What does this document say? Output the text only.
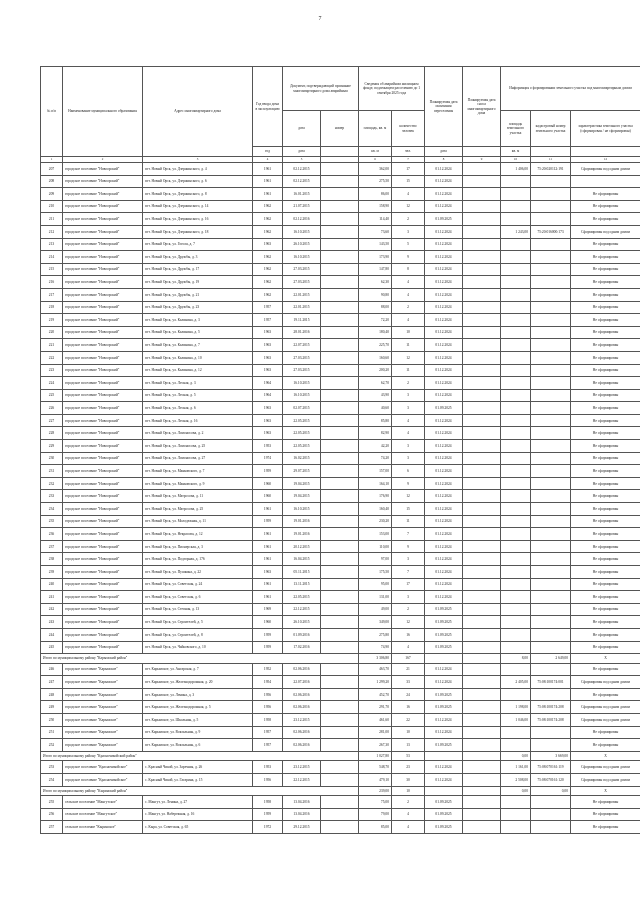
7
№ п/п	Наименование муниципального образования	Адрес многоквартирного дома	Год ввода дома в эксплуатацию	Документ, подтверждающий признание многоквартирного дома аварийным		Сведения об аварийном жилищном фонде, подлежащем расселению до 1 сентября 2025 года		Планируемая дата окончания переселения	Планируемая дата сноса многоквартирного дома	Информация о формировании земельного участка под многоквартирным домом		
				дата	номер	площадь, кв. м	количество человек			площадь земельного участка	кадастровый номер земельного участка	характеристика земельного участка (сформирован / не сформирован)
			год	дата		кв. м	чел.	дата		кв. м		
1	2	3	4	5		6	7	8	9	10	11	12
207	городское поселение "Новоорский"	пгт. Новый Орск, ул. Дзержинского, д. 4	1961	02.12.2015		362,00	17	01.12.2024		1 406,00	75:20:020112:191	Сформирован под одним домом
208	городское поселение "Новоорский"	пгт. Новый Орск, ул. Дзержинского, д. 6	1961	02.12.2015		275,50	15	01.12.2024				
209	городское поселение "Новоорский"	пгт. Новый Орск, ул. Дзержинского, д. 8	1961	16.01.2015		86,00	4	01.12.2024				Не сформирован
210	городское поселение "Новоорский"	пгт. Новый Орск, ул. Дзержинского, д. 14	1962	21.07.2015		158,90	12	01.12.2024				Не сформирован
211	городское поселение "Новоорский"	пгт. Новый Орск, ул. Дзержинского, д. 16	1962	02.12.2016		114,40	2	01.09.2025				Не сформирован
212	городское поселение "Новоорский"	пгт. Новый Орск, ул. Дзержинского, д. 18	1962	16.10.2015		73,60	3	01.12.2024		1 243,00	75:20:016000:173	Сформирован под одним домом
213	городское поселение "Новоорский"	пгт. Новый Орск, ул. Гоголя, д. 7	1963	26.10.2015		143,50	5	01.12.2024				Не сформирован
214	городское поселение "Новоорский"	пгт. Новый Орск, ул. Дружбы, д. 3	1962	16.10.2015		173,90	9	01.12.2024				Не сформирован
215	городское поселение "Новоорский"	пгт. Новый Орск, ул. Дружбы, д. 17	1962	27.03.2015		147,80	8	01.12.2024				Не сформирован
216	городское поселение "Новоорский"	пгт. Новый Орск, ул. Дружбы, д. 19	1962	27.03.2015		62,30	4	01.12.2024				Не сформирован
217	городское поселение "Новоорский"	пгт. Новый Орск, ул. Дружбы, д. 21	1962	22.01.2015		90,80	4	01.12.2024				Не сформирован
218	городское поселение "Новоорский"	пгт. Новый Орск, ул. Дружбы, д. 23	1957	22.01.2015		88,00	2	01.12.2024				Не сформирован
219	городское поселение "Новоорский"	пгт. Новый Орск, ул. Калинина, д. 3	1957	19.11.2015		72,20	4	01.12.2024				Не сформирован
220	городское поселение "Новоорский"	пгт. Новый Орск, ул. Калинина, д. 5	1963	28.01.2016		180,40	10	01.12.2024				Не сформирован
221	городское поселение "Новоорский"	пгт. Новый Орск, ул. Калинина, д. 7	1963	22.07.2015		225,70	11	01.12.2024				Не сформирован
222	городское поселение "Новоорский"	пгт. Новый Орск, ул. Калинина, д. 10	1963	27.03.2015		160,60	12	01.12.2024				Не сформирован
223	городское поселение "Новоорский"	пгт. Новый Орск, ул. Калинина, д. 12	1963	27.03.2015		200,20	11	01.12.2024				Не сформирован
224	городское поселение "Новоорский"	пгт. Новый Орск, ул. Лесная, д. 3	1964	16.10.2015		62,70	2	01.12.2024				Не сформирован
225	городское поселение "Новоорский"	пгт. Новый Орск, ул. Лесная, д. 5	1964	16.10.2015		43,90	3	01.12.2024				Не сформирован
226	городское поселение "Новоорский"	пгт. Новый Орск, ул. Лесная, д. 6	1963	02.07.2015		40,60	3	01.09.2025				Не сформирован
227	городское поселение "Новоорский"	пгт. Новый Орск, ул. Лесная, д. 16	1963	22.05.2015		85,80	4	01.12.2024				Не сформирован
228	городское поселение "Новоорский"	пгт. Новый Орск, ул. Ломоносова, д. 2	1963	22.05.2015		82,90	4	01.12.2024				Не сформирован
229	городское поселение "Новоорский"	пгт. Новый Орск, ул. Ломоносова, д. 25	1953	22.05.2015		42,20	3	01.12.2024				Не сформирован
230	городское поселение "Новоорский"	пгт. Новый Орск, ул. Ломоносова, д. 27	1974	16.02.2015		74,20	3	01.12.2024				Не сформирован
231	городское поселение "Новоорский"	пгт. Новый Орск, ул. Маяковского, д. 7	1959	29.07.2015		157,00	6	01.12.2024				Не сформирован
232	городское поселение "Новоорский"	пгт. Новый Орск, ул. Маяковского, д. 9	1960	19.04.2015		164,10	9	01.12.2024				Не сформирован
233	городское поселение "Новоорский"	пгт. Новый Орск, ул. Матросова, д. 11	1960	19.04.2015		176,90	12	01.12.2024				Не сформирован
234	городское поселение "Новоорский"	пгт. Новый Орск, ул. Матросова, д. 25	1961	16.10.2015		160,40	15	01.12.2024				Не сформирован
235	городское поселение "Новоорский"	пгт. Новый Орск, ул. Молодежная, д. 11	1959	19.01.2016		230,20	11	01.12.2024				Не сформирован
236	городское поселение "Новоорский"	пгт. Новый Орск, ул. Некрасова, д. 12	1961	19.01.2016		153,00	7	01.12.2024				Не сформирован
237	городское поселение "Новоорский"	пгт. Новый Орск, ул. Пионерская, д. 3	1961	20.12.2015		110,00	9	01.12.2024				Не сформирован
238	городское поселение "Новоорский"	пгт. Новый Орск, ул. Подгорная, д. 176	1961	16.04.2015		97,00	3	01.12.2024				Не сформирован
239	городское поселение "Новоорский"	пгт. Новый Орск, ул. Пушкина, д. 22	1963	05.11.2015		175,50	7	01.12.2024				Не сформирован
240	городское поселение "Новоорский"	пгт. Новый Орск, ул. Советская, д. 24	1961	13.11.2015		95,00	17	01.12.2024				Не сформирован
241	городское поселение "Новоорский"	пгт. Новый Орск, ул. Советская, д. 6	1961	22.05.2015		131,00	3	01.12.2024				Не сформирован
242	городское поселение "Новоорский"	пгт. Новый Орск, ул. Степная, д. 13	1969	22.12.2015		49,00	2	01.09.2025				Не сформирован
243	городское поселение "Новоорский"	пгт. Новый Орск, ул. Строителей, д. 5	1960	26.10.2015		349,00	12	01.09.2025				Не сформирован
244	городское поселение "Новоорский"	пгт. Новый Орск, ул. Строителей, д. 8	1959	01.09.2016		275,80	16	01.09.2025				Не сформирован
245	городское поселение "Новоорский"	пгт. Новый Орск, ул. Чайковского, д. 10	1959	17.02.2016		74,90	4	01.09.2025				Не сформирован
Итого по муниципальному району "Карымский район"						3 306,80	167			8,00	2 649,00	X
246	городское поселение "Карымское"	пгт. Карымское, ул. Ангарская, д. 7	1952	02.06.2016		463,70	21	01.12.2024				Не сформирован
247	городское поселение "Карымское"	пгт. Карымское, ул. Железнодорожная, д. 20	1954	22.07.2016		1 299,20	33	01.12.2024		2 405,00	75:08:100174:001	Сформирован под одним домом
248	городское поселение "Карымское"	пгт. Карымское, ул. Ленина, д. 3	1956	02.06.2016		452,70	24	01.09.2025				Не сформирован
249	городское поселение "Карымское"	пгт. Карымское, ул. Железнодорожная, д. 5	1956	02.06.2016		291,70	16	01.09.2025		1 198,00	75:08:100174:208	Сформирован под одним домом
250	городское поселение "Карымское"	пгт. Карымское, ул. Школьная, д. 5	1958	23.12.2015		461,60	22	01.12.2024		1 046,00	75:08:100174:208	Сформирован под одним домом
251	городское поселение "Карымское"	пгт. Карымское, ул. Вокзальная, д. 9	1957	02.06.2016		281,00	10	01.12.2024				Не сформирован
252	городское поселение "Карымское"	пгт. Карымское, ул. Вокзальная, д. 6	1957	02.06.2016		267,30	13	01.09.2025				Не сформирован
Итого по муниципальному району "Красночикойский район"						1 027,80	53			0,00	3 669,00	X
253	городское поселение "Красночикойское"	с. Красный Чикой, ул. Заречная, д. 26	1953	23.12.2015		548,70	23	01.12.2024		1 161,00	75:08:070161:119	Сформирован под одним домом
254	городское поселение "Красночикойское"	с. Красный Чикой, ул. Гагарина, д. 15	1956	22.12.2015		479,10	30	01.12.2024		2 508,00	75:08:070161:120	Сформирован под одним домом
Итого по муниципальному району "Кыринский район"						239,00	10			0,00	0,00	X
255	сельское поселение "Мангутское"	с. Мангут, ул. Ленина, д. 27	1958	13.04.2016		75,00	2	01.09.2025				Не сформирован
256	сельское поселение "Мангутское"	с. Мангут, ул. Набережная, д. 16	1959	13.04.2016		79,00	4	01.09.2025				Не сформирован
257	сельское поселение "Кыринское"	с. Кыра, ул. Советская, д. 65	1972	29.12.2015		85,00	4	01.09.2025				Не сформирован
